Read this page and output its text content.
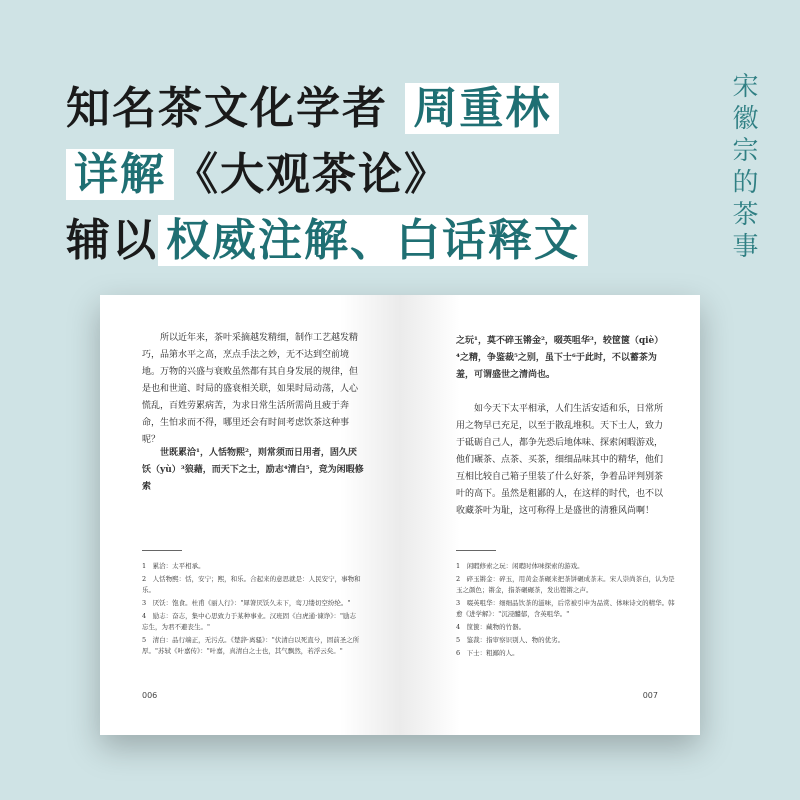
知名茶文化学者 周重林
详解 《大观茶论》
辅以 权威注解、白话释文	宋徽宗的茶事
所以近年来，茶叶采摘越发精细，制作工艺越发精巧，品第水平之高，烹点手法之妙，无不达到空前境地。万物的兴盛与衰败虽然都有其自身发展的规律，但是也和世道、时局的盛衰相关联，如果时局动荡，人心慌乱，百姓劳累病苦，为求日常生活所需尚且疲于奔命，生怕求而不得，哪里还会有时间考虑饮茶这种事呢？
世既累洽¹，人恬物熙²，则常须而日用者，固久厌饫（yù）³狼藉，而天下之士，励志⁴清白⁵，竞为闲暇修索
1　累洽：太平相承。
2　人恬物熙：恬，安宁；熙，和乐。合起来的意思就是：人民安宁，事物和乐。
3　厌饫：饱食。杜甫《丽人行》："犀箸厌饫久未下，鸾刀缕切空纷纶。"
4　励志：奋志，集中心思致力于某种事业。汉班固《白虎通·谏诤》："励志忘生，为君不避丧生。"
5　清白：品行端正，无污点。《楚辞·离骚》："伏清白以死直兮，固前圣之所厚。"苏轼《叶嘉传》："叶嘉，真清白之士也，其气飘然，若浮云矣。"
006
之玩¹，莫不碎玉锵金²，啜英咀华³，较筐箧（qiè）⁴之精，争鉴裁⁵之别，虽下士⁶于此时，不以蓄茶为羞，可谓盛世之清尚也。
如今天下太平相承，人们生活安适和乐，日常所用之物早已充足，以至于散乱堆积。天下士人，致力于砥砺自己人，都争先恐后地体味、探索闲暇游戏，他们碾茶、点茶、买茶，细细品味其中的精华，他们互相比较自己箱子里装了什么好茶，争着品评判别茶叶的高下。虽然是粗鄙的人，在这样的时代，也不以收藏茶叶为耻，这可称得上是盛世的清雅风尚啊！
1　闲暇修索之玩：闲暇时体味探索的游戏。
2　碎玉锵金：碎玉，用黄金茶碾来把茶饼碾成茶末。宋人崇尚茶白，认为是玉之颜色；锵金，指茶碾碾茶，发出铿锵之声。
3　啜英咀华：细细品饮茶的滋味，后常被引申为品赏、体味诗文的精华。韩愈《进学解》："沉浸醲郁，含英咀华。"
4　筐箧：藏物的竹器。
5　鉴裁：指审察识别人、物的优劣。
6　下士：粗鄙的人。
007
